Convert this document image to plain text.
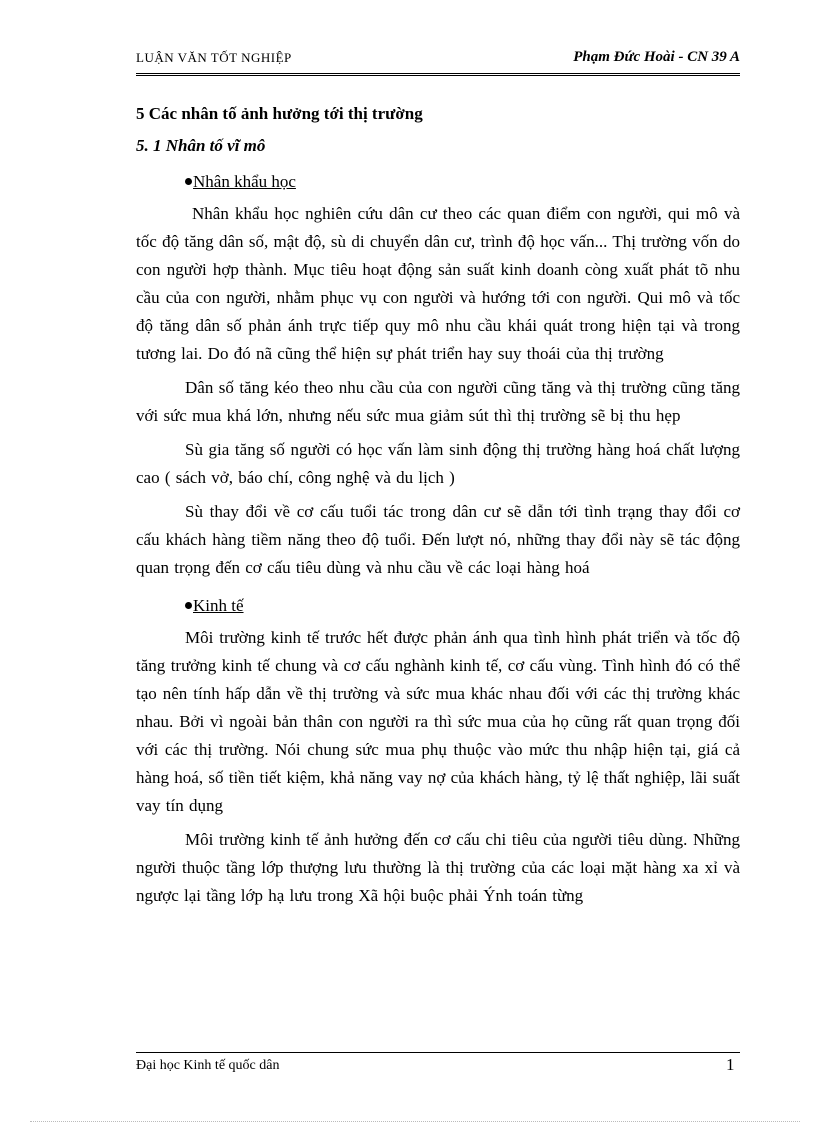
LUẬN VĂN TỐT NGHIỆP	Phạm Đức Hoài - CN 39 A
5 Các nhân tố ảnh hưởng tới thị trường
5. 1 Nhân tố vĩ mô
Nhân khẩu học

Nhân khẩu học nghiên cứu dân cư theo các quan điểm con người, qui mô và tốc độ tăng dân số, mật độ, sù di chuyển dân cư, trình độ học vấn... Thị trường vốn do con người hợp thành. Mục tiêu hoạt động sản suất kinh doanh còng xuất phát tõ nhu cầu của con người, nhằm phục vụ con người và hướng tới con người. Qui mô và tốc độ tăng dân số phản ánh trực tiếp quy mô nhu cầu khái quát trong hiện tại và trong tương lai. Do đó nã cũng thể hiện sự phát triển hay suy thoái của thị trường

Dân số tăng kéo theo nhu cầu của con người cũng tăng và thị trường cũng tăng với sức mua khá lớn, nhưng nếu sức mua giảm sút thì thị trường sẽ bị thu hẹp

Sù gia tăng số người có học vấn làm sinh động thị trường hàng hoá chất lượng cao ( sách vở, báo chí, công nghệ và du lịch )

Sù thay đổi về cơ cấu tuổi tác trong dân cư sẽ dẫn tới tình trạng thay đổi cơ cấu khách hàng tiềm năng theo độ tuổi. Đến lượt nó, những thay đổi này sẽ tác động quan trọng đến cơ cấu tiêu dùng và nhu cầu về các loại hàng hoá

Kinh tế

Môi trường kinh tế trước hết được phản ánh qua tình hình phát triển và tốc độ tăng trưởng kinh tế chung và cơ cấu nghành kinh tế, cơ cấu vùng. Tình hình đó có thể tạo nên tính hấp dẫn về thị trường và sức mua khác nhau đối với các thị trường khác nhau. Bởi vì ngoài bản thân con người ra thì sức mua của họ cũng rất quan trọng đối với các thị trường. Nói chung sức mua phụ thuộc vào mức thu nhập hiện tại, giá cả hàng hoá, số tiền tiết kiệm, khả năng vay nợ của khách hàng, tỷ lệ thất nghiệp, lãi suất vay tín dụng

Môi trường kinh tế ảnh hưởng đến cơ cấu chi tiêu của người tiêu dùng. Những người thuộc tầng lớp thượng lưu thường là thị trường của các loại mặt hàng xa xỉ và ngược lại tầng lớp hạ lưu trong Xã hội buộc phải Ýnh toán từng

Đại học Kinh tế quốc dân	1
